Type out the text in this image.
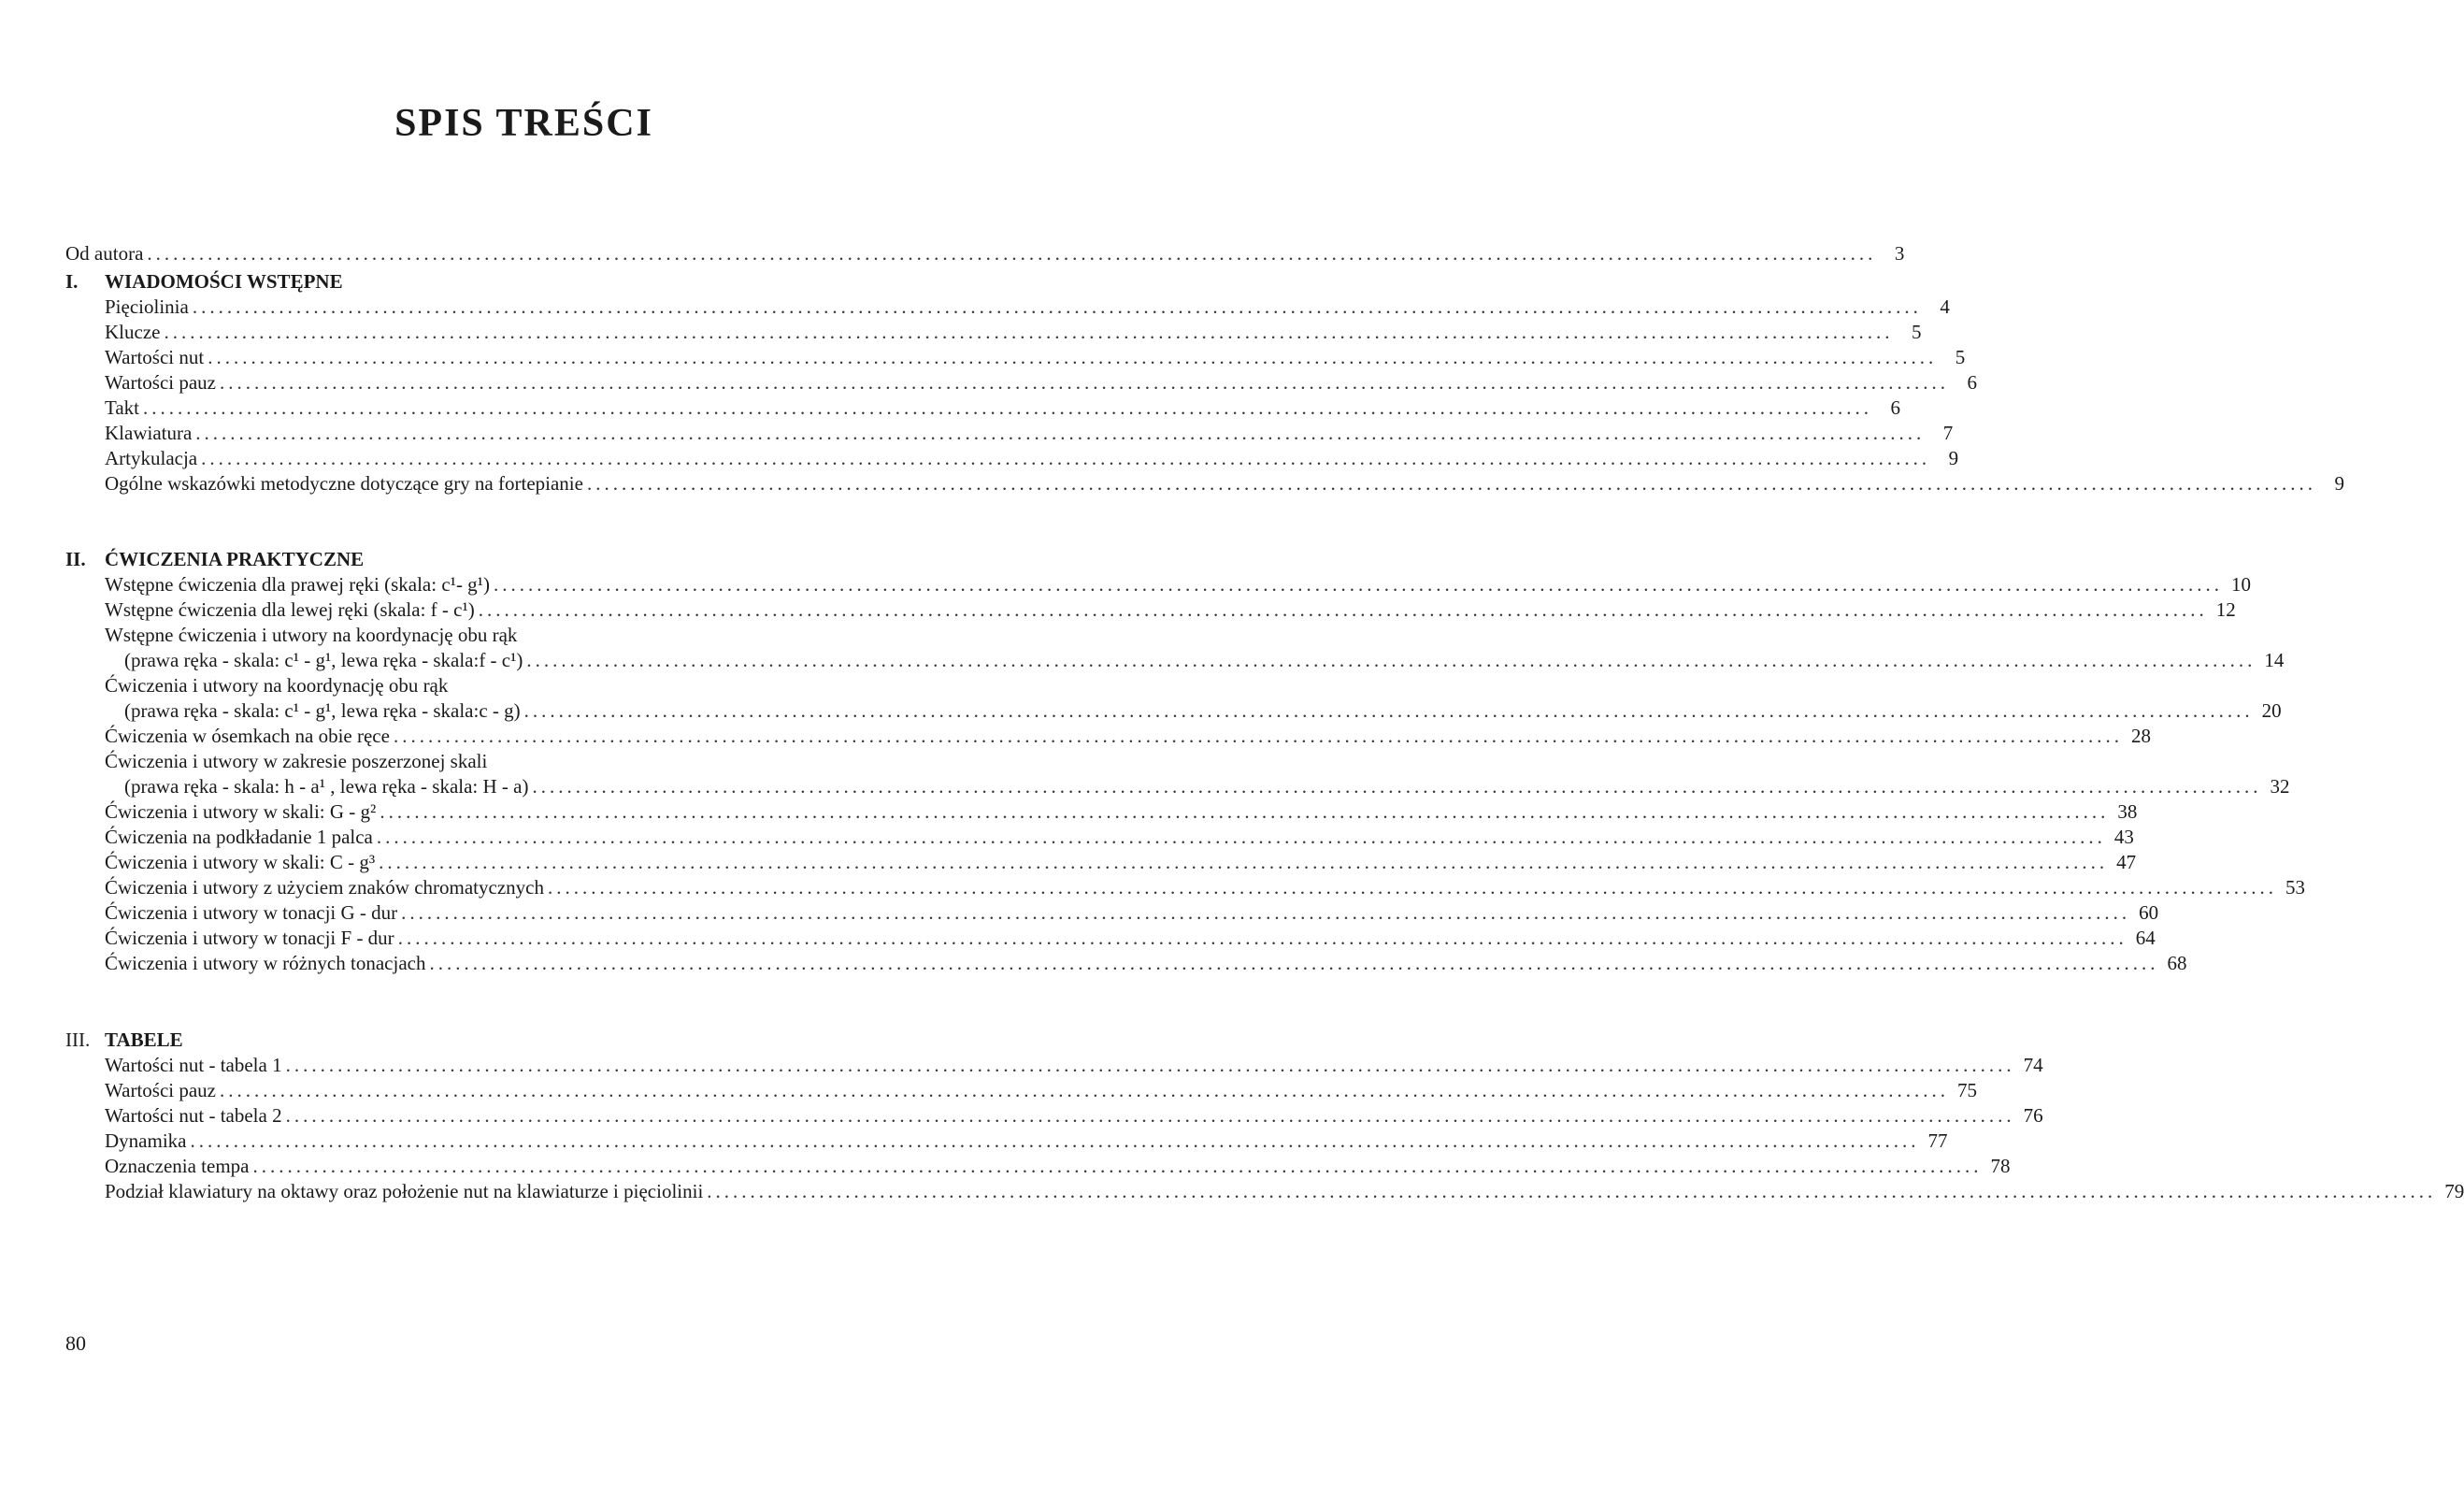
SPIS TREŚCI
Od autora ........................................................................................................................................................................................................ 3
I. WIADOMOŚCI WSTĘPNE
Pięciolinia ........................................................................................................................................................................................................ 4
Klucze ........................................................................................................................................................................................................ 5
Wartości nut ........................................................................................................................................................................................................ 5
Wartości pauz ........................................................................................................................................................................................................ 6
Takt ........................................................................................................................................................................................................ 6
Klawiatura ........................................................................................................................................................................................................ 7
Artykulacja ........................................................................................................................................................................................................ 9
Ogólne wskazówki metodyczne dotyczące gry na fortepianie ........................................................................................................................................................................................................ 9
II. ĆWICZENIA PRAKTYCZNE
Wstępne ćwiczenia dla prawej ręki (skala: c¹- g¹) ........................................................................................................................................................................................................ 10
Wstępne ćwiczenia dla lewej ręki (skala: f - c¹) ........................................................................................................................................................................................................ 12
Wstępne ćwiczenia i utwory na koordynację obu rąk
(prawa ręka - skala: c¹ - g¹, lewa ręka - skala:f - c¹) ........................................................................................................................................................................................................ 14
Ćwiczenia i utwory na koordynację obu rąk
(prawa ręka - skala: c¹ - g¹, lewa ręka - skala:c - g) ........................................................................................................................................................................................................ 20
Ćwiczenia w ósemkach na obie ręce ........................................................................................................................................................................................................ 28
Ćwiczenia i utwory w zakresie poszerzonej skali
(prawa ręka - skala: h - a¹ , lewa ręka - skala: H - a) ........................................................................................................................................................................................................ 32
Ćwiczenia i utwory w skali: G - g² ........................................................................................................................................................................................................ 38
Ćwiczenia na podkładanie 1 palca ........................................................................................................................................................................................................ 43
Ćwiczenia i utwory w skali: C - g³ ........................................................................................................................................................................................................ 47
Ćwiczenia i utwory z użyciem znaków chromatycznych ........................................................................................................................................................................................................ 53
Ćwiczenia i utwory w tonacji G - dur ........................................................................................................................................................................................................ 60
Ćwiczenia i utwory w tonacji F - dur ........................................................................................................................................................................................................ 64
Ćwiczenia i utwory w różnych tonacjach ........................................................................................................................................................................................................ 68
III. TABELE
Wartości nut - tabela 1 ........................................................................................................................................................................................................ 74
Wartości pauz ........................................................................................................................................................................................................ 75
Wartości nut - tabela 2 ........................................................................................................................................................................................................ 76
Dynamika ........................................................................................................................................................................................................ 77
Oznaczenia tempa ........................................................................................................................................................................................................ 78
Podział klawiatury na oktawy oraz położenie nut na klawiaturze i pięciolinii ........................................................................................................................................................................................................ 79
80
